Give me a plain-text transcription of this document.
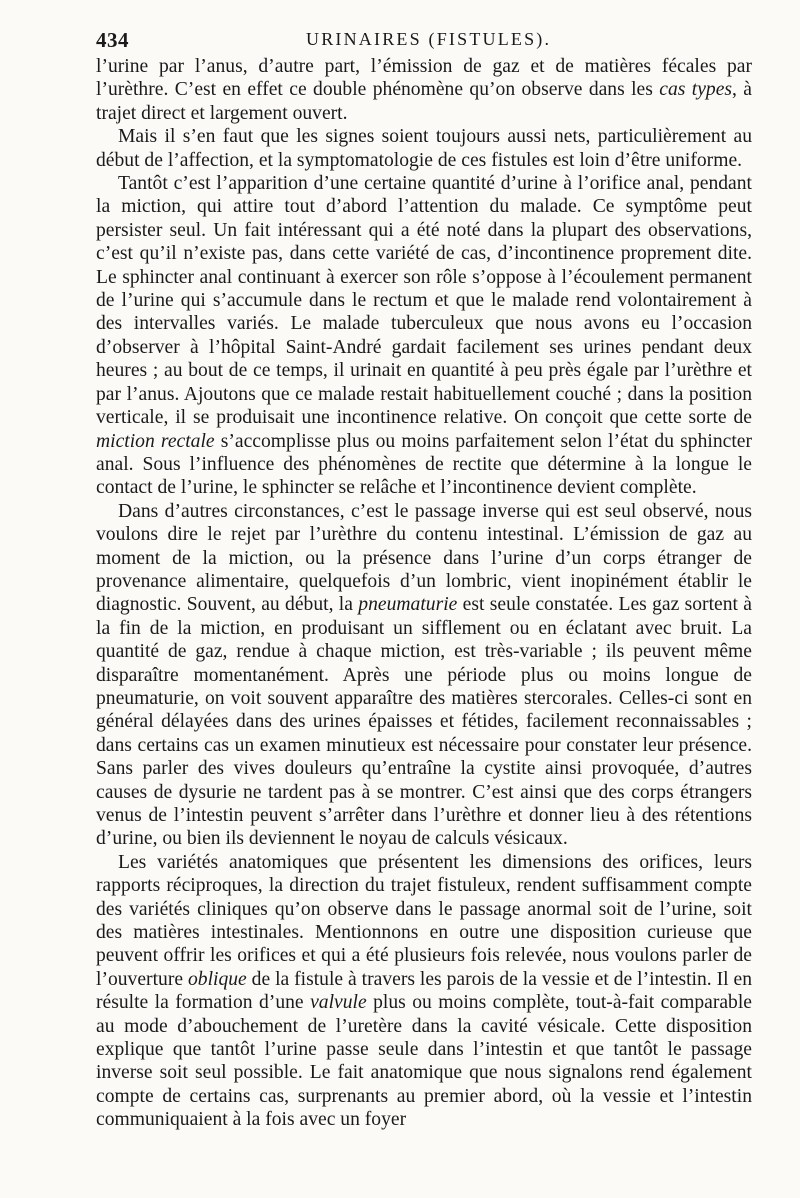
434	URINAIRES (FISTULES).

l’urine par l’anus, d’autre part, l’émission de gaz et de matières fécales par l’urèthre. C’est en effet ce double phénomène qu’on observe dans les cas types, à trajet direct et largement ouvert.

Mais il s’en faut que les signes soient toujours aussi nets, particulièrement au début de l’affection, et la symptomatologie de ces fistules est loin d’être uniforme.

Tantôt c’est l’apparition d’une certaine quantité d’urine à l’orifice anal, pendant la miction, qui attire tout d’abord l’attention du malade. Ce symptôme peut persister seul. Un fait intéressant qui a été noté dans la plupart des observations, c’est qu’il n’existe pas, dans cette variété de cas, d’incontinence proprement dite. Le sphincter anal continuant à exercer son rôle s’oppose à l’écoulement permanent de l’urine qui s’accumule dans le rectum et que le malade rend volontairement à des intervalles variés. Le malade tuberculeux que nous avons eu l’occasion d’observer à l’hôpital Saint-André gardait facilement ses urines pendant deux heures ; au bout de ce temps, il urinait en quantité à peu près égale par l’urèthre et par l’anus. Ajoutons que ce malade restait habituellement couché ; dans la position verticale, il se produisait une incontinence relative. On conçoit que cette sorte de miction rectale s’accomplisse plus ou moins parfaitement selon l’état du sphincter anal. Sous l’influence des phénomènes de rectite que détermine à la longue le contact de l’urine, le sphincter se relâche et l’incontinence devient complète.

Dans d’autres circonstances, c’est le passage inverse qui est seul observé, nous voulons dire le rejet par l’urèthre du contenu intestinal. L’émission de gaz au moment de la miction, ou la présence dans l’urine d’un corps étranger de provenance alimentaire, quelquefois d’un lombric, vient inopinément établir le diagnostic. Souvent, au début, la pneumaturie est seule constatée. Les gaz sortent à la fin de la miction, en produisant un sifflement ou en éclatant avec bruit. La quantité de gaz, rendue à chaque miction, est très-variable ; ils peuvent même disparaître momentanément. Après une période plus ou moins longue de pneumaturie, on voit souvent apparaître des matières stercorales. Celles-ci sont en général délayées dans des urines épaisses et fétides, facilement reconnaissables ; dans certains cas un examen minutieux est nécessaire pour constater leur présence. Sans parler des vives douleurs qu’entraîne la cystite ainsi provoquée, d’autres causes de dysurie ne tardent pas à se montrer. C’est ainsi que des corps étrangers venus de l’intestin peuvent s’arrêter dans l’urèthre et donner lieu à des rétentions d’urine, ou bien ils deviennent le noyau de calculs vésicaux.

Les variétés anatomiques que présentent les dimensions des orifices, leurs rapports réciproques, la direction du trajet fistuleux, rendent suffisamment compte des variétés cliniques qu’on observe dans le passage anormal soit de l’urine, soit des matières intestinales. Mentionnons en outre une disposition curieuse que peuvent offrir les orifices et qui a été plusieurs fois relevée, nous voulons parler de l’ouverture oblique de la fistule à travers les parois de la vessie et de l’intestin. Il en résulte la formation d’une valvule plus ou moins complète, tout-à-fait comparable au mode d’abouchement de l’uretère dans la cavité vésicale. Cette disposition explique que tantôt l’urine passe seule dans l’intestin et que tantôt le passage inverse soit seul possible. Le fait anatomique que nous signalons rend également compte de certains cas, surprenants au premier abord, où la vessie et l’intestin communiquaient à la fois avec un foyer
